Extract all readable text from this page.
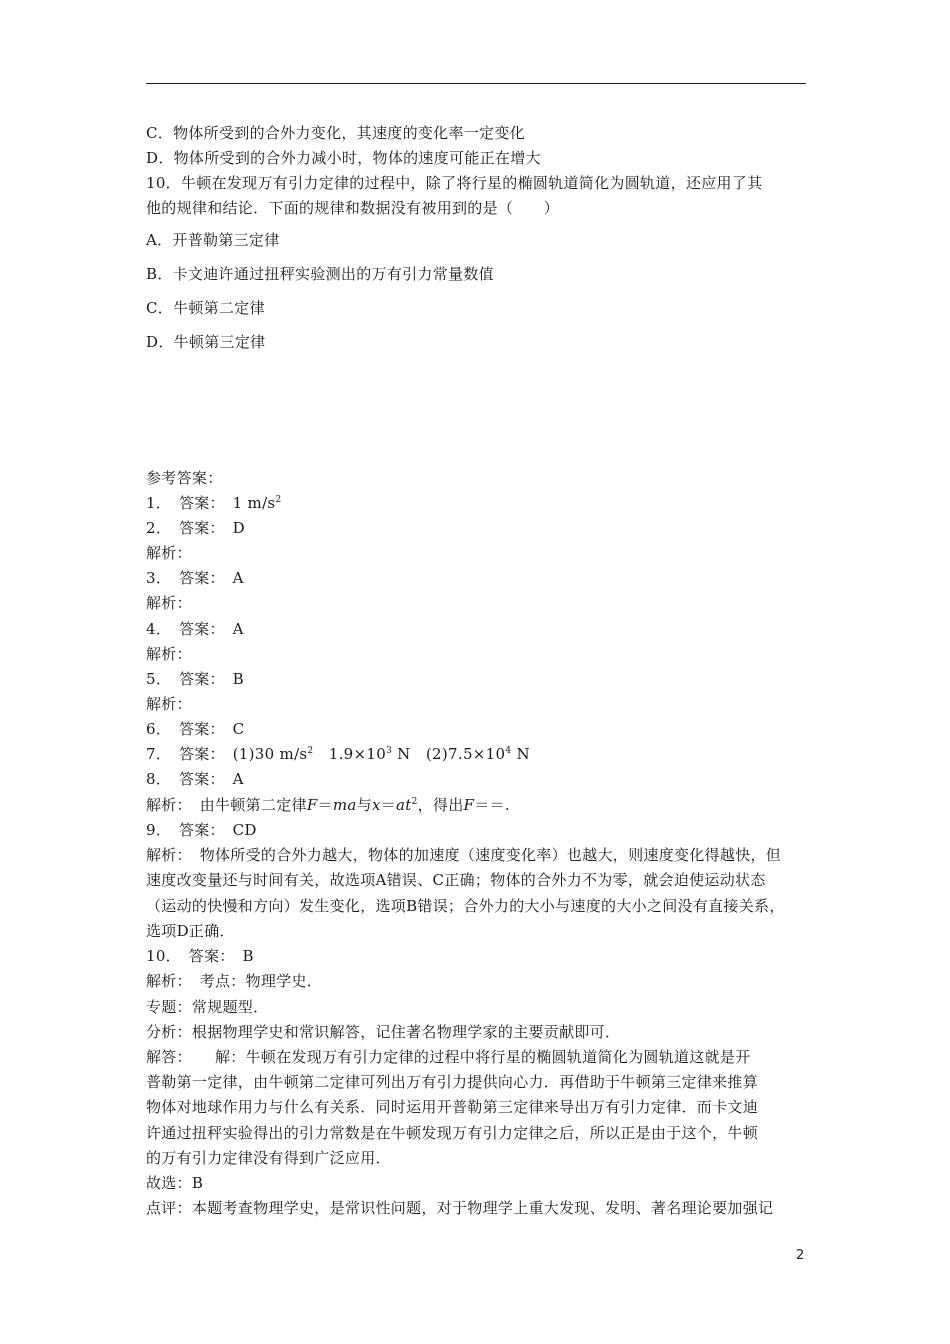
C．物体所受到的合外力变化，其速度的变化率一定变化
D．物体所受到的合外力减小时，物体的速度可能正在增大
10．牛顿在发现万有引力定律的过程中，除了将行星的椭圆轨道简化为圆轨道，还应用了其
他的规律和结论．下面的规律和数据没有被用到的是（　　）
A．开普勒第三定律
B．卡文迪许通过扭秤实验测出的万有引力常量数值
C．牛顿第二定律
D．牛顿第三定律
参考答案：
1．　答案：　1 $m/s^2$
2．　答案：　D
解析：
3．　答案：　A
解析：
4．　答案：　A
解析：
5．　答案：　B
解析：
6．　答案：　C
7．　答案：　(1)30 $m/s^2$　$1.9\times 10^3$ N　$(2)7.5\times 10^4$ N
8．　答案：　A
解析：　由牛顿第二定律F＝ma与$x=at^2$，得出F＝＝.
9．　答案：　CD
解析：　物体所受的合外力越大，物体的加速度（速度变化率）也越大，则速度变化得越快，但
速度改变量还与时间有关，故选项A错误、C正确；物体的合外力不为零，就会迫使运动状态
（运动的快慢和方向）发生变化，选项B错误；合外力的大小与速度的大小之间没有直接关系，
选项D正确．
10．　答案：　B
解析：　考点：物理学史．
专题：常规题型．
分析：根据物理学史和常识解答，记住著名物理学家的主要贡献即可．
解答：　　解：牛顿在发现万有引力定律的过程中将行星的椭圆轨道简化为圆轨道这就是开
普勒第一定律，由牛顿第二定律可列出万有引力提供向心力．再借助于牛顿第三定律来推算
物体对地球作用力与什么有关系．同时运用开普勒第三定律来导出万有引力定律．而卡文迪
许通过扭秤实验得出的引力常数是在牛顿发现万有引力定律之后，所以正是由于这个，牛顿
的万有引力定律没有得到广泛应用．
故选：B
点评：本题考查物理学史，是常识性问题，对于物理学上重大发现、发明、著名理论要加强记
2
